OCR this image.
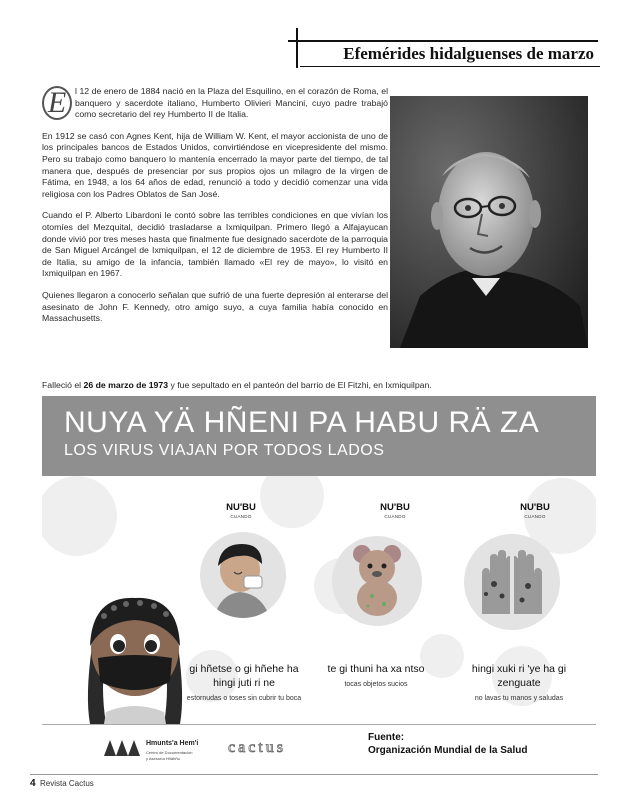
Efemérides hidalguenses de marzo

E	l 12 de enero de 1884 nació en la Plaza del Esquilino, en el corazón de Roma, el banquero y sacerdote italiano, Humberto Olivieri Mancini, cuyo padre trabajó como secretario del rey Humberto II de Italia.

En 1912 se casó con Agnes Kent, hija de William W. Kent, el mayor accionista de uno de los principales bancos de Estados Unidos, convirtiéndose en vicepresidente del mismo. Pero su trabajo como banquero lo mantenía encerrado la mayor parte del tiempo, de tal manera que, después de presenciar por sus propios ojos un milagro de la virgen de Fátima, en 1948, a los 64 años de edad, renunció a todo y decidió comenzar una vida religiosa con los Padres Oblatos de San José.

Cuando el P. Alberto Libardoni le contó sobre las terribles condiciones en que vivían los otomíes del Mezquital, decidió trasladarse a Ixmiquilpan. Primero llegó a Alfajayucan donde vivió por tres meses hasta que finalmente fue designado sacerdote de la parroquia de San Miguel Arcángel de Ixmiquilpan, el 12 de diciembre de 1953. El rey Humberto II de Italia, su amigo de la infancia, también llamado «El rey de mayo», lo visitó en Ixmiquilpan en 1967.

Quienes llegaron a conocerlo señalan que sufrió de una fuerte depresión al enterarse del asesinato de John F. Kennedy, otro amigo suyo, a cuya familia había conocido en Massachusetts.

Falleció el 26 de marzo de 1973 y fue sepultado en el panteón del barrio de El Fitzhi, en Ixmiquilpan.
NUYA YÄ HÑENI PA HABU RÄ ZA
LOS VIRUS VIAJAN POR TODOS LADOS
NU'BU
CUANDO
gi hñetse o gi hñehe ha hingi juti ri ne
estornudas o toses sin cubrir tu boca
NU'BU
CUANDO
te gi thuni ha xa ntso
tocas objetos sucios
NU'BU
CUANDO
hingi xuki ri 'ye ha gi zenguate
no lavas tu manos y saludas
Hmunts'a Hem'i
Centro de Documentación
y Asesoría Hñähñu
cactus
Fuente:
Organización Mundial de la Salud
4 Revista Cactus
